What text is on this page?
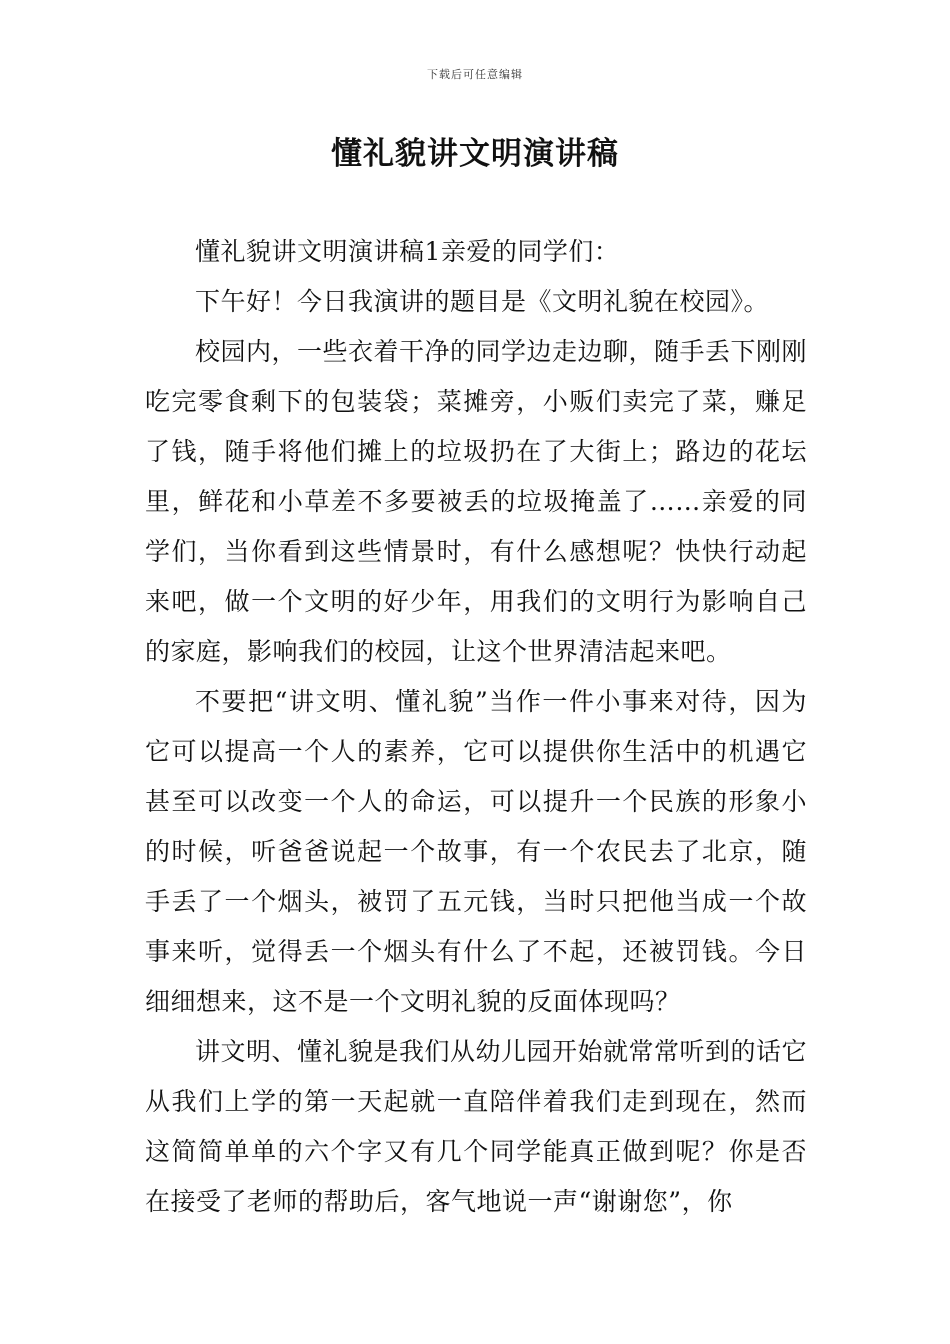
下载后可任意编辑
懂礼貌讲文明演讲稿

懂礼貌讲文明演讲稿1亲爱的同学们：

下午好！今日我演讲的题目是《文明礼貌在校园》。

校园内，一些衣着干净的同学边走边聊，随手丢下刚刚吃完零食剩下的包装袋；菜摊旁，小贩们卖完了菜，赚足了钱，随手将他们摊上的垃圾扔在了大街上；路边的花坛里，鲜花和小草差不多要被丢的垃圾掩盖了……亲爱的同学们，当你看到这些情景时，有什么感想呢？快快行动起来吧，做一个文明的好少年，用我们的文明行为影响自己的家庭，影响我们的校园，让这个世界清洁起来吧。

不要把“讲文明、懂礼貌”当作一件小事来对待，因为它可以提高一个人的素养，它可以提供你生活中的机遇它甚至可以改变一个人的命运，可以提升一个民族的形象小的时候，听爸爸说起一个故事，有一个农民去了北京，随手丢了一个烟头，被罚了五元钱，当时只把他当成一个故事来听，觉得丢一个烟头有什么了不起，还被罚钱。今日细细想来，这不是一个文明礼貌的反面体现吗？

讲文明、懂礼貌是我们从幼儿园开始就常常听到的话它从我们上学的第一天起就一直陪伴着我们走到现在，然而这简简单单的六个字又有几个同学能真正做到呢？你是否在接受了老师的帮助后，客气地说一声“谢谢您”，你
